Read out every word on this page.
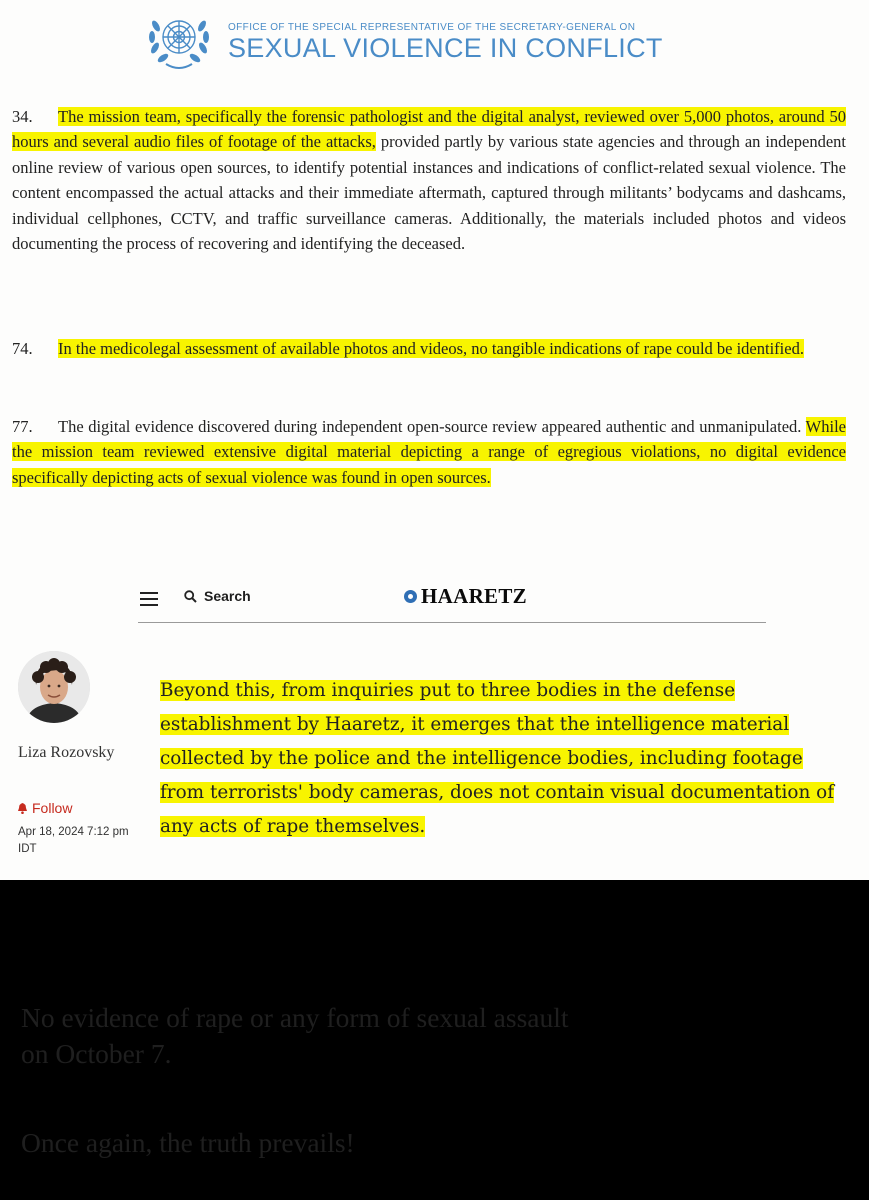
OFFICE OF THE SPECIAL REPRESENTATIVE OF THE SECRETARY-GENERAL ON
SEXUAL VIOLENCE IN CONFLICT
34. The mission team, specifically the forensic pathologist and the digital analyst, reviewed over 5,000 photos, around 50 hours and several audio files of footage of the attacks, provided partly by various state agencies and through an independent online review of various open sources, to identify potential instances and indications of conflict-related sexual violence. The content encompassed the actual attacks and their immediate aftermath, captured through militants’ bodycams and dashcams, individual cellphones, CCTV, and traffic surveillance cameras. Additionally, the materials included photos and videos documenting the process of recovering and identifying the deceased.
74. In the medicolegal assessment of available photos and videos, no tangible indications of rape could be identified.
77. The digital evidence discovered during independent open-source review appeared authentic and unmanipulated. While the mission team reviewed extensive digital material depicting a range of egregious violations, no digital evidence specifically depicting acts of sexual violence was found in open sources.
Search	HAARETZ
Liza Rozovsky
Follow
Apr 18, 2024 7:12 pm IDT
Beyond this, from inquiries put to three bodies in the defense establishment by Haaretz, it emerges that the intelligence material collected by the police and the intelligence bodies, including footage from terrorists' body cameras, does not contain visual documentation of any acts of rape themselves.
No evidence of rape or any form of sexual assault
on October 7.
Once again, the truth prevails!
